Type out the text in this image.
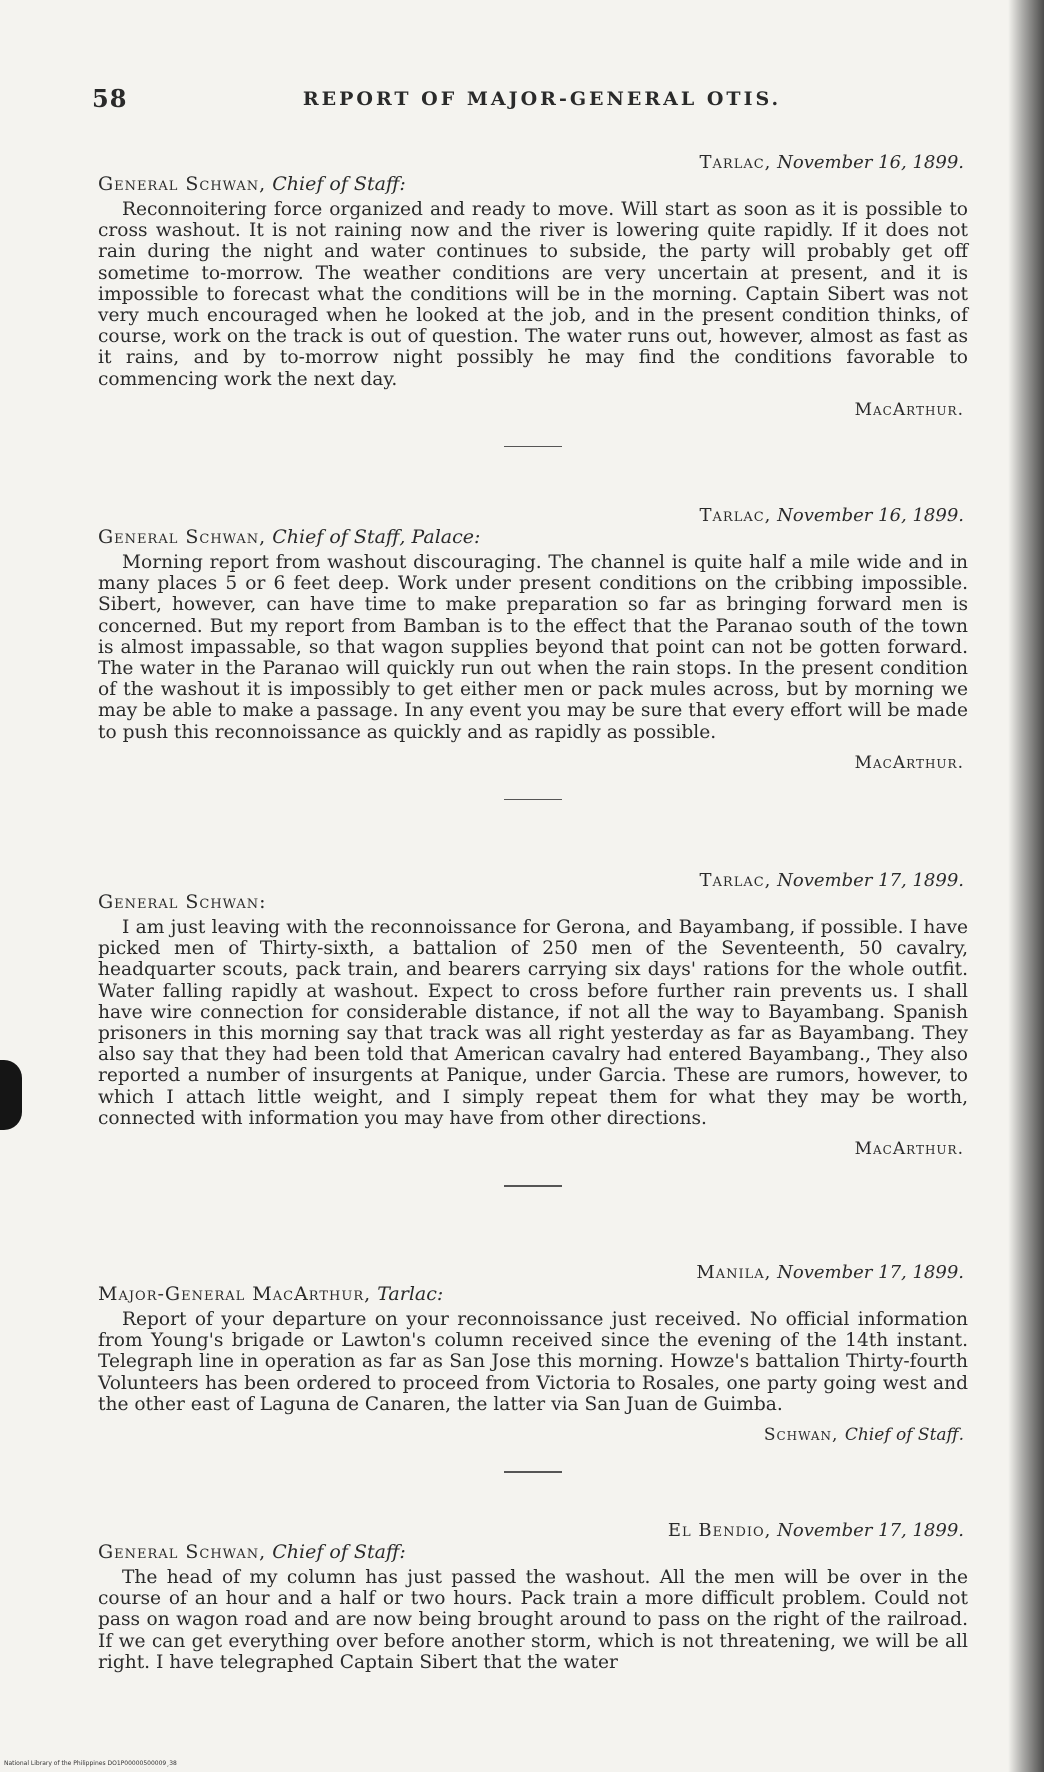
58	REPORT OF MAJOR-GENERAL OTIS.
Tarlac, November 16, 1899.
General Schwan, Chief of Staff:

Reconnoitering force organized and ready to move. Will start as soon as it is possible to cross washout. It is not raining now and the river is lowering quite rapidly. If it does not rain during the night and water continues to subside, the party will probably get off sometime to-morrow. The weather conditions are very uncertain at present, and it is impossible to forecast what the conditions will be in the morning. Captain Sibert was not very much encouraged when he looked at the job, and in the present condition thinks, of course, work on the track is out of question. The water runs out, however, almost as fast as it rains, and by to-morrow night possibly he may find the conditions favorable to commencing work the next day.

MacArthur.
Tarlac, November 16, 1899.
General Schwan, Chief of Staff, Palace:

Morning report from washout discouraging. The channel is quite half a mile wide and in many places 5 or 6 feet deep. Work under present conditions on the cribbing impossible. Sibert, however, can have time to make preparation so far as bringing forward men is concerned. But my report from Bamban is to the effect that the Paranao south of the town is almost impassable, so that wagon supplies beyond that point can not be gotten forward. The water in the Paranao will quickly run out when the rain stops. In the present condition of the washout it is impossibly to get either men or pack mules across, but by morning we may be able to make a passage. In any event you may be sure that every effort will be made to push this reconnoissance as quickly and as rapidly as possible.

MacArthur.
Tarlac, November 17, 1899.
General Schwan:

I am just leaving with the reconnoissance for Gerona, and Bayambang, if possible. I have picked men of Thirty-sixth, a battalion of 250 men of the Seventeenth, 50 cavalry, headquarter scouts, pack train, and bearers carrying six days' rations for the whole outfit. Water falling rapidly at washout. Expect to cross before further rain prevents us. I shall have wire connection for considerable distance, if not all the way to Bayambang. Spanish prisoners in this morning say that track was all right yesterday as far as Bayambang. They also say that they had been told that American cavalry had entered Bayambang., They also reported a number of insurgents at Panique, under Garcia. These are rumors, however, to which I attach little weight, and I simply repeat them for what they may be worth, connected with information you may have from other directions.

MacArthur.
Manila, November 17, 1899.
Major-General MacArthur, Tarlac:

Report of your departure on your reconnoissance just received. No official information from Young's brigade or Lawton's column received since the evening of the 14th instant. Telegraph line in operation as far as San Jose this morning. Howze's battalion Thirty-fourth Volunteers has been ordered to proceed from Victoria to Rosales, one party going west and the other east of Laguna de Canaren, the latter via San Juan de Guimba.

Schwan, Chief of Staff.
El Bendio, November 17, 1899.
General Schwan, Chief of Staff:

The head of my column has just passed the washout. All the men will be over in the course of an hour and a half or two hours. Pack train a more difficult problem. Could not pass on wagon road and are now being brought around to pass on the right of the railroad. If we can get everything over before another storm, which is not threatening, we will be all right. I have telegraphed Captain Sibert that the water

National Library of the Philippines DO1P00000500009¸38
